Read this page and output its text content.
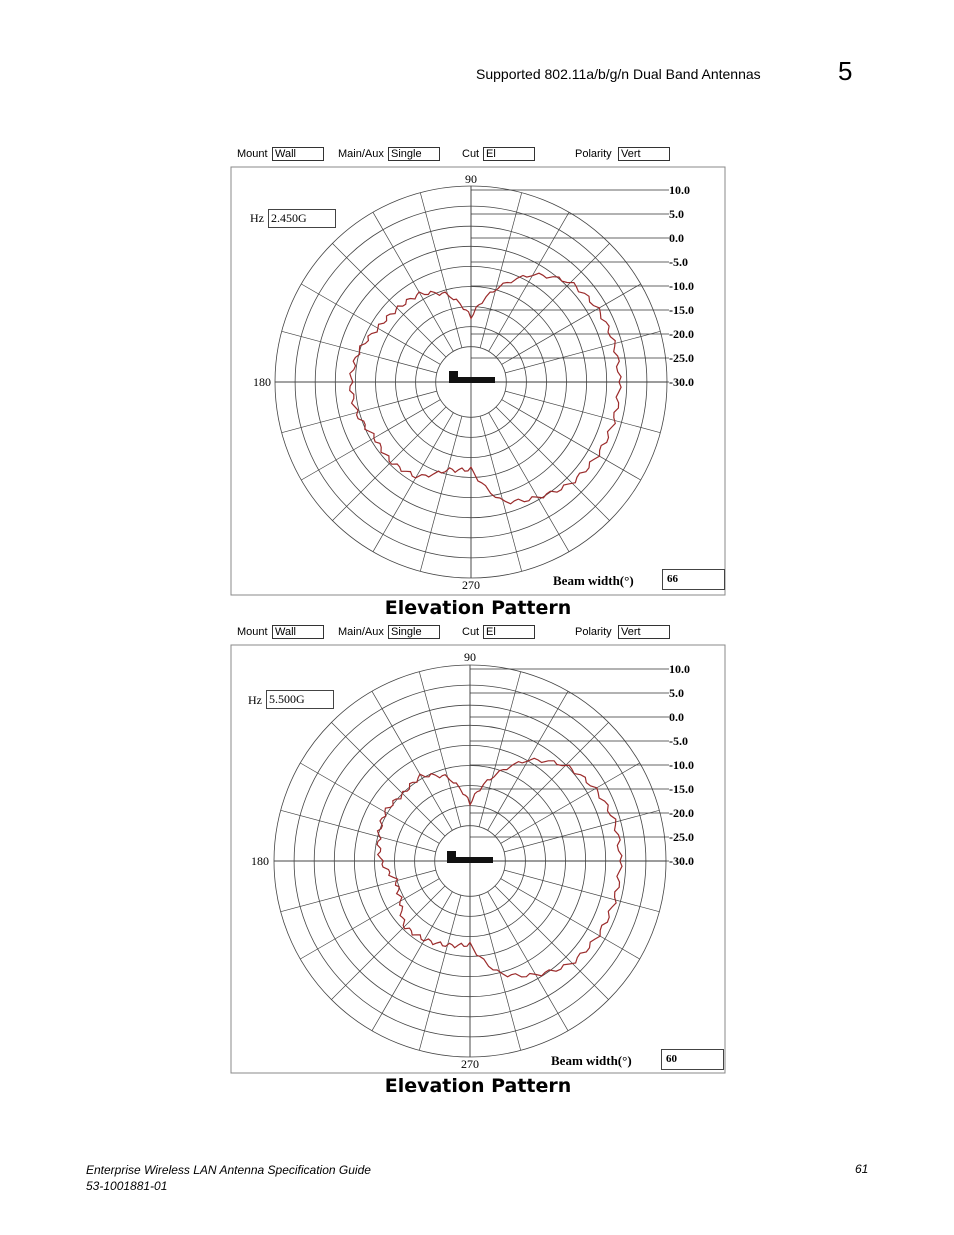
Supported 802.11a/b/g/n Dual Band Antennas	5
Mount Wall	Main/Aux Single	Cut El	Polarity Vert
10.0
5.0
0.0
-5.0
-10.0
-15.0
-20.0
-25.0
-30.0
90
180
270
Hz 2.450G
Beam width(°)	66
Elevation Pattern
Mount Wall	Main/Aux Single	Cut El	Polarity Vert
10.0
5.0
0.0
-5.0
-10.0
-15.0
-20.0
-25.0
-30.0
90
180
270
Hz 5.500G
Beam width(°)	60
Elevation Pattern
Enterprise Wireless LAN Antenna Specification Guide
53-1001881-01
61
